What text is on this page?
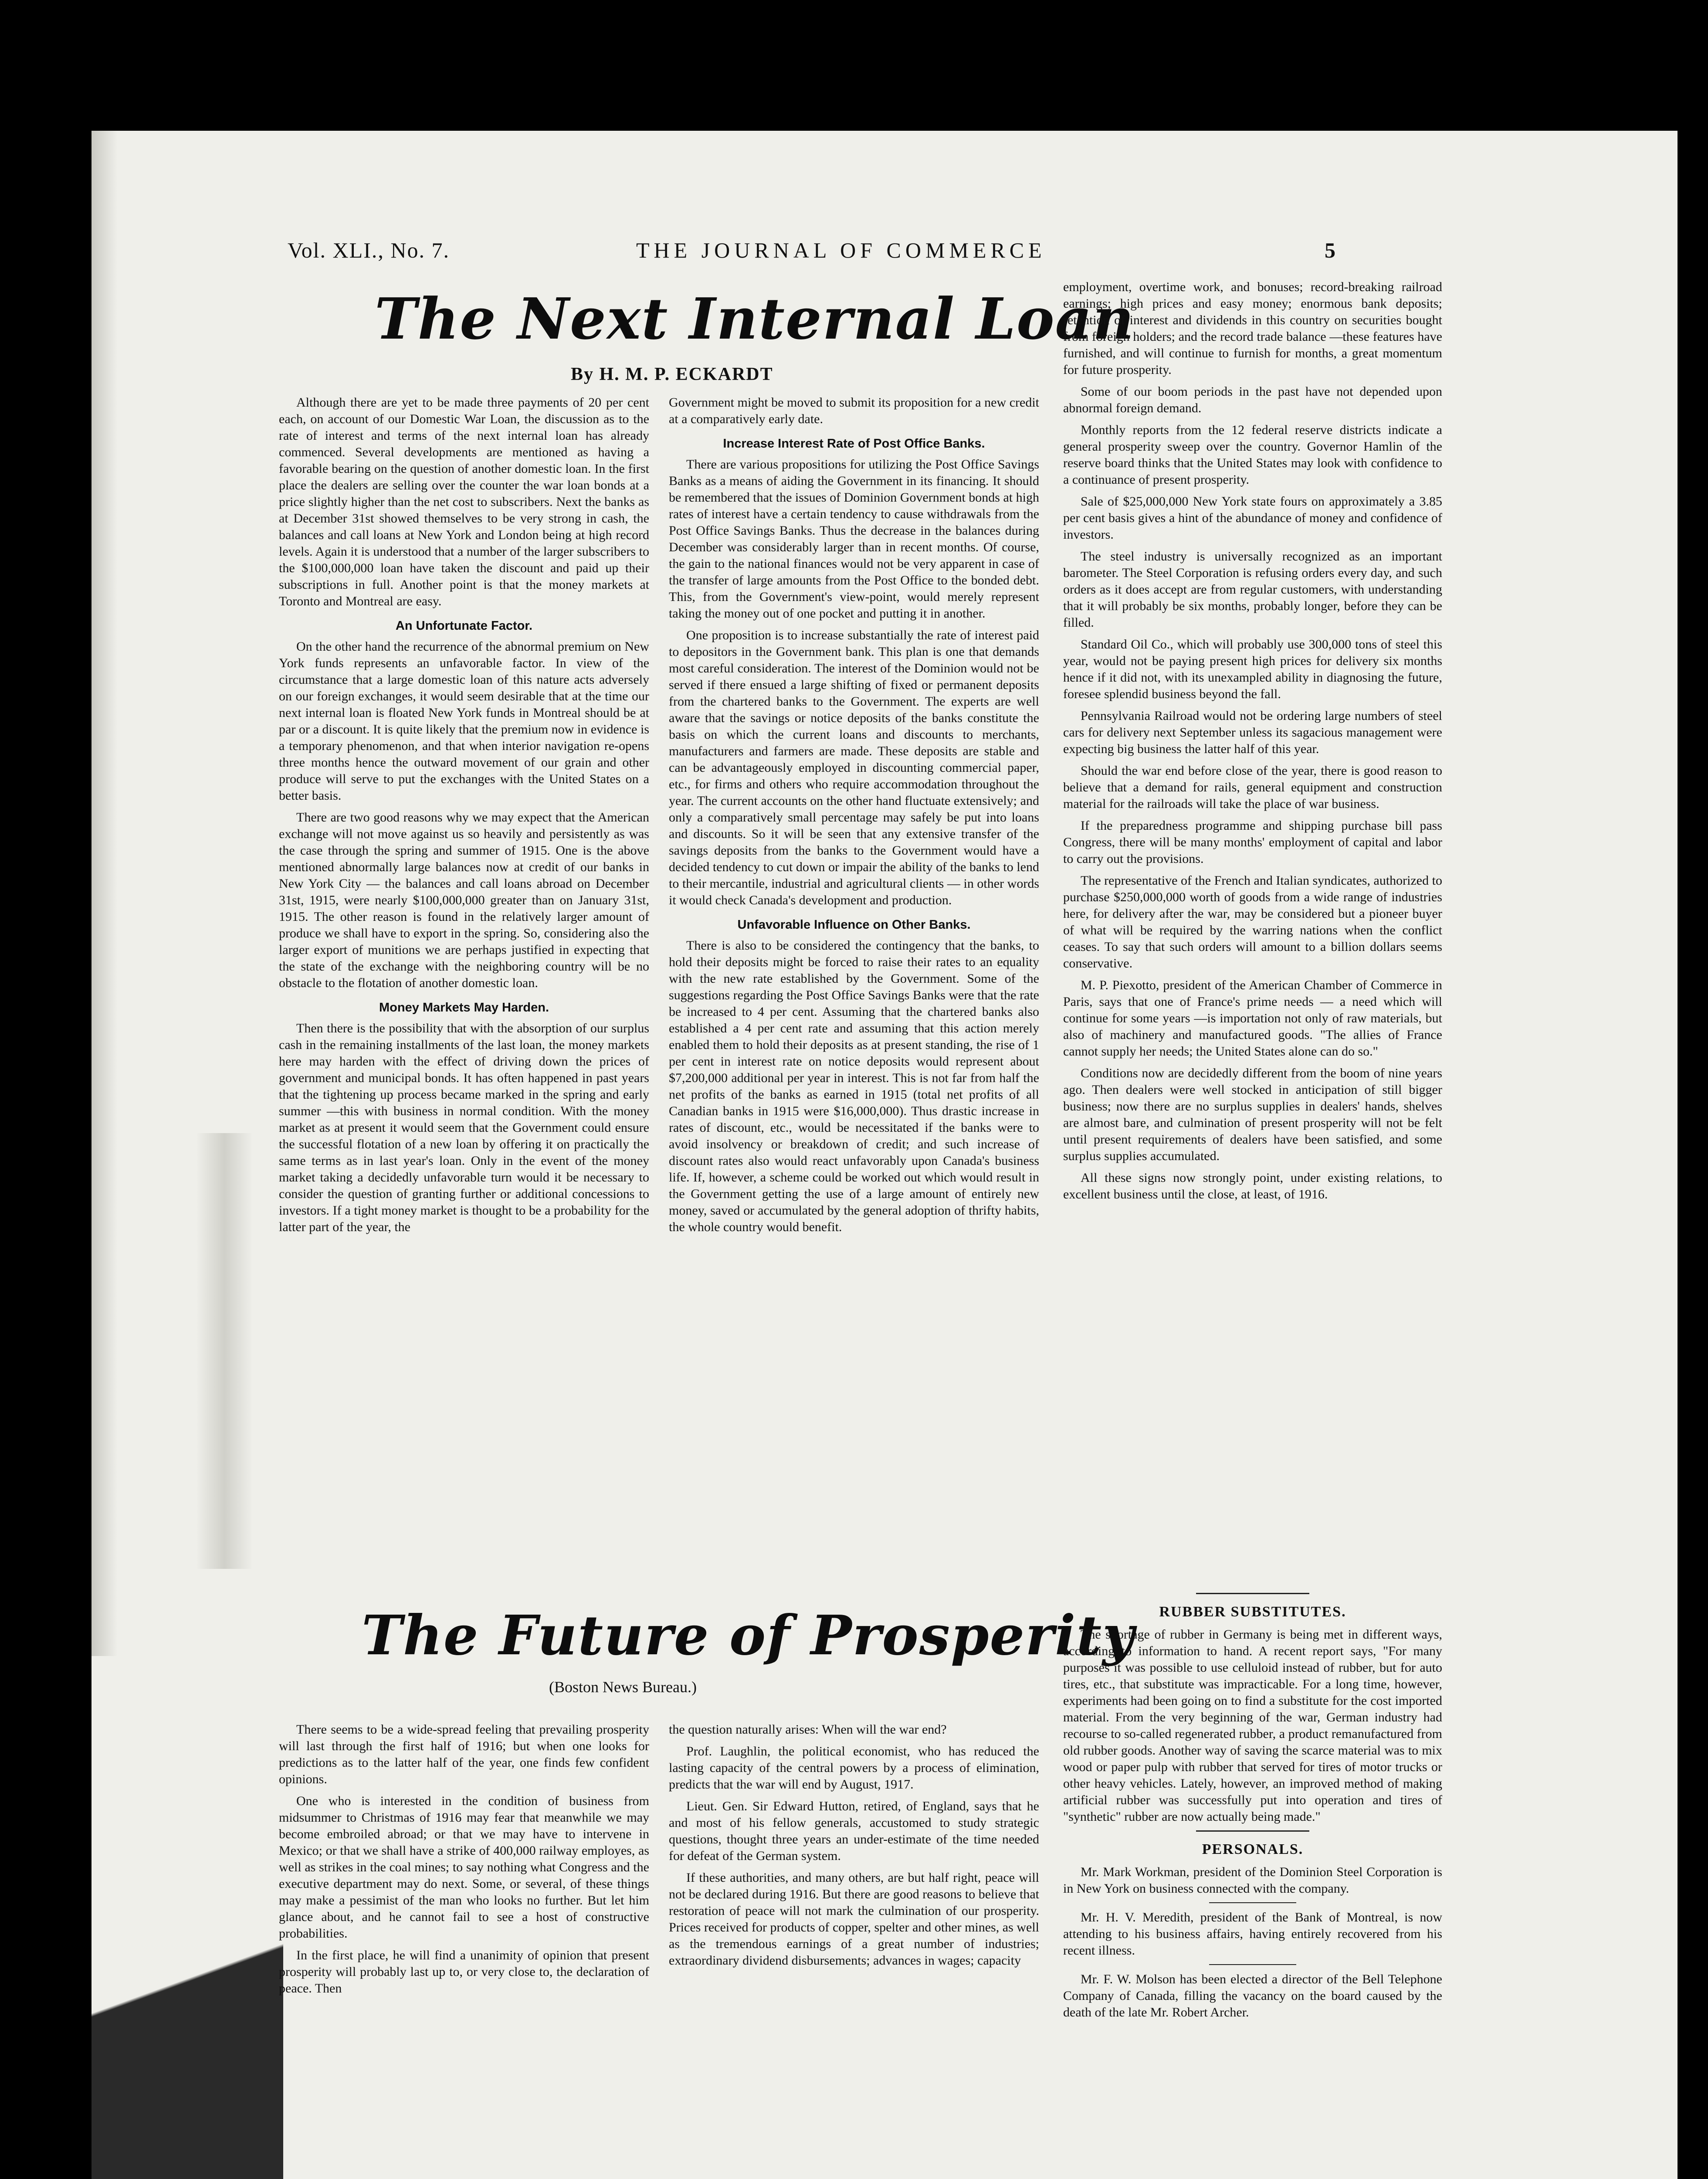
Vol. XLI., No. 7.	THE JOURNAL OF COMMERCE	5
The Next Internal Loan
By H. M. P. ECKARDT

Although there are yet to be made three payments of 20 per cent each, on account of our Domestic War Loan, the discussion as to the rate of interest and terms of the next internal loan has already commenced. Several developments are mentioned as having a favorable bearing on the question of another domestic loan. In the first place the dealers are selling over the counter the war loan bonds at a price slightly higher than the net cost to subscribers. Next the banks as at December 31st showed themselves to be very strong in cash, the balances and call loans at New York and London being at high record levels. Again it is understood that a number of the larger subscribers to the $100,000,000 loan have taken the discount and paid up their subscriptions in full. Another point is that the money markets at Toronto and Montreal are easy.

An Unfortunate Factor.

On the other hand the recurrence of the abnormal premium on New York funds represents an unfavorable factor. In view of the circumstance that a large domestic loan of this nature acts adversely on our foreign exchanges, it would seem desirable that at the time our next internal loan is floated New York funds in Montreal should be at par or a discount. It is quite likely that the premium now in evidence is a temporary phenomenon, and that when interior navigation re-opens three months hence the outward movement of our grain and other produce will serve to put the exchanges with the United States on a better basis.

There are two good reasons why we may expect that the American exchange will not move against us so heavily and persistently as was the case through the spring and summer of 1915. One is the above mentioned abnormally large balances now at credit of our banks in New York City — the balances and call loans abroad on December 31st, 1915, were nearly $100,000,000 greater than on January 31st, 1915. The other reason is found in the relatively larger amount of produce we shall have to export in the spring. So, considering also the larger export of munitions we are perhaps justified in expecting that the state of the exchange with the neighboring country will be no obstacle to the flotation of another domestic loan.

Money Markets May Harden.

Then there is the possibility that with the absorption of our surplus cash in the remaining installments of the last loan, the money markets here may harden with the effect of driving down the prices of government and municipal bonds. It has often happened in past years that the tightening up process became marked in the spring and early summer —this with business in normal condition. With the money market as at present it would seem that the Government could ensure the successful flotation of a new loan by offering it on practically the same terms as in last year's loan. Only in the event of the money market taking a decidedly unfavorable turn would it be necessary to consider the question of granting further or additional concessions to investors. If a tight money market is thought to be a probability for the latter part of the year, the

Government might be moved to submit its proposition for a new credit at a comparatively early date.

Increase Interest Rate of Post Office Banks.

There are various propositions for utilizing the Post Office Savings Banks as a means of aiding the Government in its financing. It should be remembered that the issues of Dominion Government bonds at high rates of interest have a certain tendency to cause withdrawals from the Post Office Savings Banks. Thus the decrease in the balances during December was considerably larger than in recent months. Of course, the gain to the national finances would not be very apparent in case of the transfer of large amounts from the Post Office to the bonded debt. This, from the Government's view-point, would merely represent taking the money out of one pocket and putting it in another.

One proposition is to increase substantially the rate of interest paid to depositors in the Government bank. This plan is one that demands most careful consideration. The interest of the Dominion would not be served if there ensued a large shifting of fixed or permanent deposits from the chartered banks to the Government. The experts are well aware that the savings or notice deposits of the banks constitute the basis on which the current loans and discounts to merchants, manufacturers and farmers are made. These deposits are stable and can be advantageously employed in discounting commercial paper, etc., for firms and others who require accommodation throughout the year. The current accounts on the other hand fluctuate extensively; and only a comparatively small percentage may safely be put into loans and discounts. So it will be seen that any extensive transfer of the savings deposits from the banks to the Government would have a decided tendency to cut down or impair the ability of the banks to lend to their mercantile, industrial and agricultural clients — in other words it would check Canada's development and production.

Unfavorable Influence on Other Banks.

There is also to be considered the contingency that the banks, to hold their deposits might be forced to raise their rates to an equality with the new rate established by the Government. Some of the suggestions regarding the Post Office Savings Banks were that the rate be increased to 4 per cent. Assuming that the chartered banks also established a 4 per cent rate and assuming that this action merely enabled them to hold their deposits as at present standing, the rise of 1 per cent in interest rate on notice deposits would represent about $7,200,000 additional per year in interest. This is not far from half the net profits of the banks as earned in 1915 (total net profits of all Canadian banks in 1915 were $16,000,000). Thus drastic increase in rates of discount, etc., would be necessitated if the banks were to avoid insolvency or breakdown of credit; and such increase of discount rates also would react unfavorably upon Canada's business life. If, however, a scheme could be worked out which would result in the Government getting the use of a large amount of entirely new money, saved or accumulated by the general adoption of thrifty habits, the whole country would benefit.

employment, overtime work, and bonuses; record-breaking railroad earnings; high prices and easy money; enormous bank deposits; retention of interest and dividends in this country on securities bought from foreign holders; and the record trade balance —these features have furnished, and will continue to furnish for months, a great momentum for future prosperity.

Some of our boom periods in the past have not depended upon abnormal foreign demand.

Monthly reports from the 12 federal reserve districts indicate a general prosperity sweep over the country. Governor Hamlin of the reserve board thinks that the United States may look with confidence to a continuance of present prosperity.

Sale of $25,000,000 New York state fours on approximately a 3.85 per cent basis gives a hint of the abundance of money and confidence of investors.

The steel industry is universally recognized as an important barometer. The Steel Corporation is refusing orders every day, and such orders as it does accept are from regular customers, with understanding that it will probably be six months, probably longer, before they can be filled.

Standard Oil Co., which will probably use 300,000 tons of steel this year, would not be paying present high prices for delivery six months hence if it did not, with its unexampled ability in diagnosing the future, foresee splendid business beyond the fall.

Pennsylvania Railroad would not be ordering large numbers of steel cars for delivery next September unless its sagacious management were expecting big business the latter half of this year.

Should the war end before close of the year, there is good reason to believe that a demand for rails, general equipment and construction material for the railroads will take the place of war business.

If the preparedness programme and shipping purchase bill pass Congress, there will be many months' employment of capital and labor to carry out the provisions.

The representative of the French and Italian syndicates, authorized to purchase $250,000,000 worth of goods from a wide range of industries here, for delivery after the war, may be considered but a pioneer buyer of what will be required by the warring nations when the conflict ceases. To say that such orders will amount to a billion dollars seems conservative.

M. P. Piexotto, president of the American Chamber of Commerce in Paris, says that one of France's prime needs — a need which will continue for some years —is importation not only of raw materials, but also of machinery and manufactured goods. "The allies of France cannot supply her needs; the United States alone can do so."

Conditions now are decidedly different from the boom of nine years ago. Then dealers were well stocked in anticipation of still bigger business; now there are no surplus supplies in dealers' hands, shelves are almost bare, and culmination of present prosperity will not be felt until present requirements of dealers have been satisfied, and some surplus supplies accumulated.

All these signs now strongly point, under existing relations, to excellent business until the close, at least, of 1916.

RUBBER SUBSTITUTES.

The shortage of rubber in Germany is being met in different ways, according to information to hand. A recent report says, "For many purposes it was possible to use celluloid instead of rubber, but for auto tires, etc., that substitute was impracticable. For a long time, however, experiments had been going on to find a substitute for the cost imported material. From the very beginning of the war, German industry had recourse to so-called regenerated rubber, a product remanufactured from old rubber goods. Another way of saving the scarce material was to mix wood or paper pulp with rubber that served for tires of motor trucks or other heavy vehicles. Lately, however, an improved method of making artificial rubber was successfully put into operation and tires of "synthetic" rubber are now actually being made."

PERSONALS.

Mr. Mark Workman, president of the Dominion Steel Corporation is in New York on business connected with the company.

Mr. H. V. Meredith, president of the Bank of Montreal, is now attending to his business affairs, having entirely recovered from his recent illness.

Mr. F. W. Molson has been elected a director of the Bell Telephone Company of Canada, filling the vacancy on the board caused by the death of the late Mr. Robert Archer.

The Future of Prosperity
(Boston News Bureau.)

There seems to be a wide-spread feeling that prevailing prosperity will last through the first half of 1916; but when one looks for predictions as to the latter half of the year, one finds few confident opinions.

One who is interested in the condition of business from midsummer to Christmas of 1916 may fear that meanwhile we may become embroiled abroad; or that we may have to intervene in Mexico; or that we shall have a strike of 400,000 railway employes, as well as strikes in the coal mines; to say nothing what Congress and the executive department may do next. Some, or several, of these things may make a pessimist of the man who looks no further. But let him glance about, and he cannot fail to see a host of constructive probabilities.

In the first place, he will find a unanimity of opinion that present prosperity will probably last up to, or very close to, the declaration of peace. Then

the question naturally arises: When will the war end?

Prof. Laughlin, the political economist, who has reduced the lasting capacity of the central powers by a process of elimination, predicts that the war will end by August, 1917.

Lieut. Gen. Sir Edward Hutton, retired, of England, says that he and most of his fellow generals, accustomed to study strategic questions, thought three years an under-estimate of the time needed for defeat of the German system.

If these authorities, and many others, are but half right, peace will not be declared during 1916. But there are good reasons to believe that restoration of peace will not mark the culmination of our prosperity. Prices received for products of copper, spelter and other mines, as well as the tremendous earnings of a great number of industries; extraordinary dividend disbursements; advances in wages; capacity
